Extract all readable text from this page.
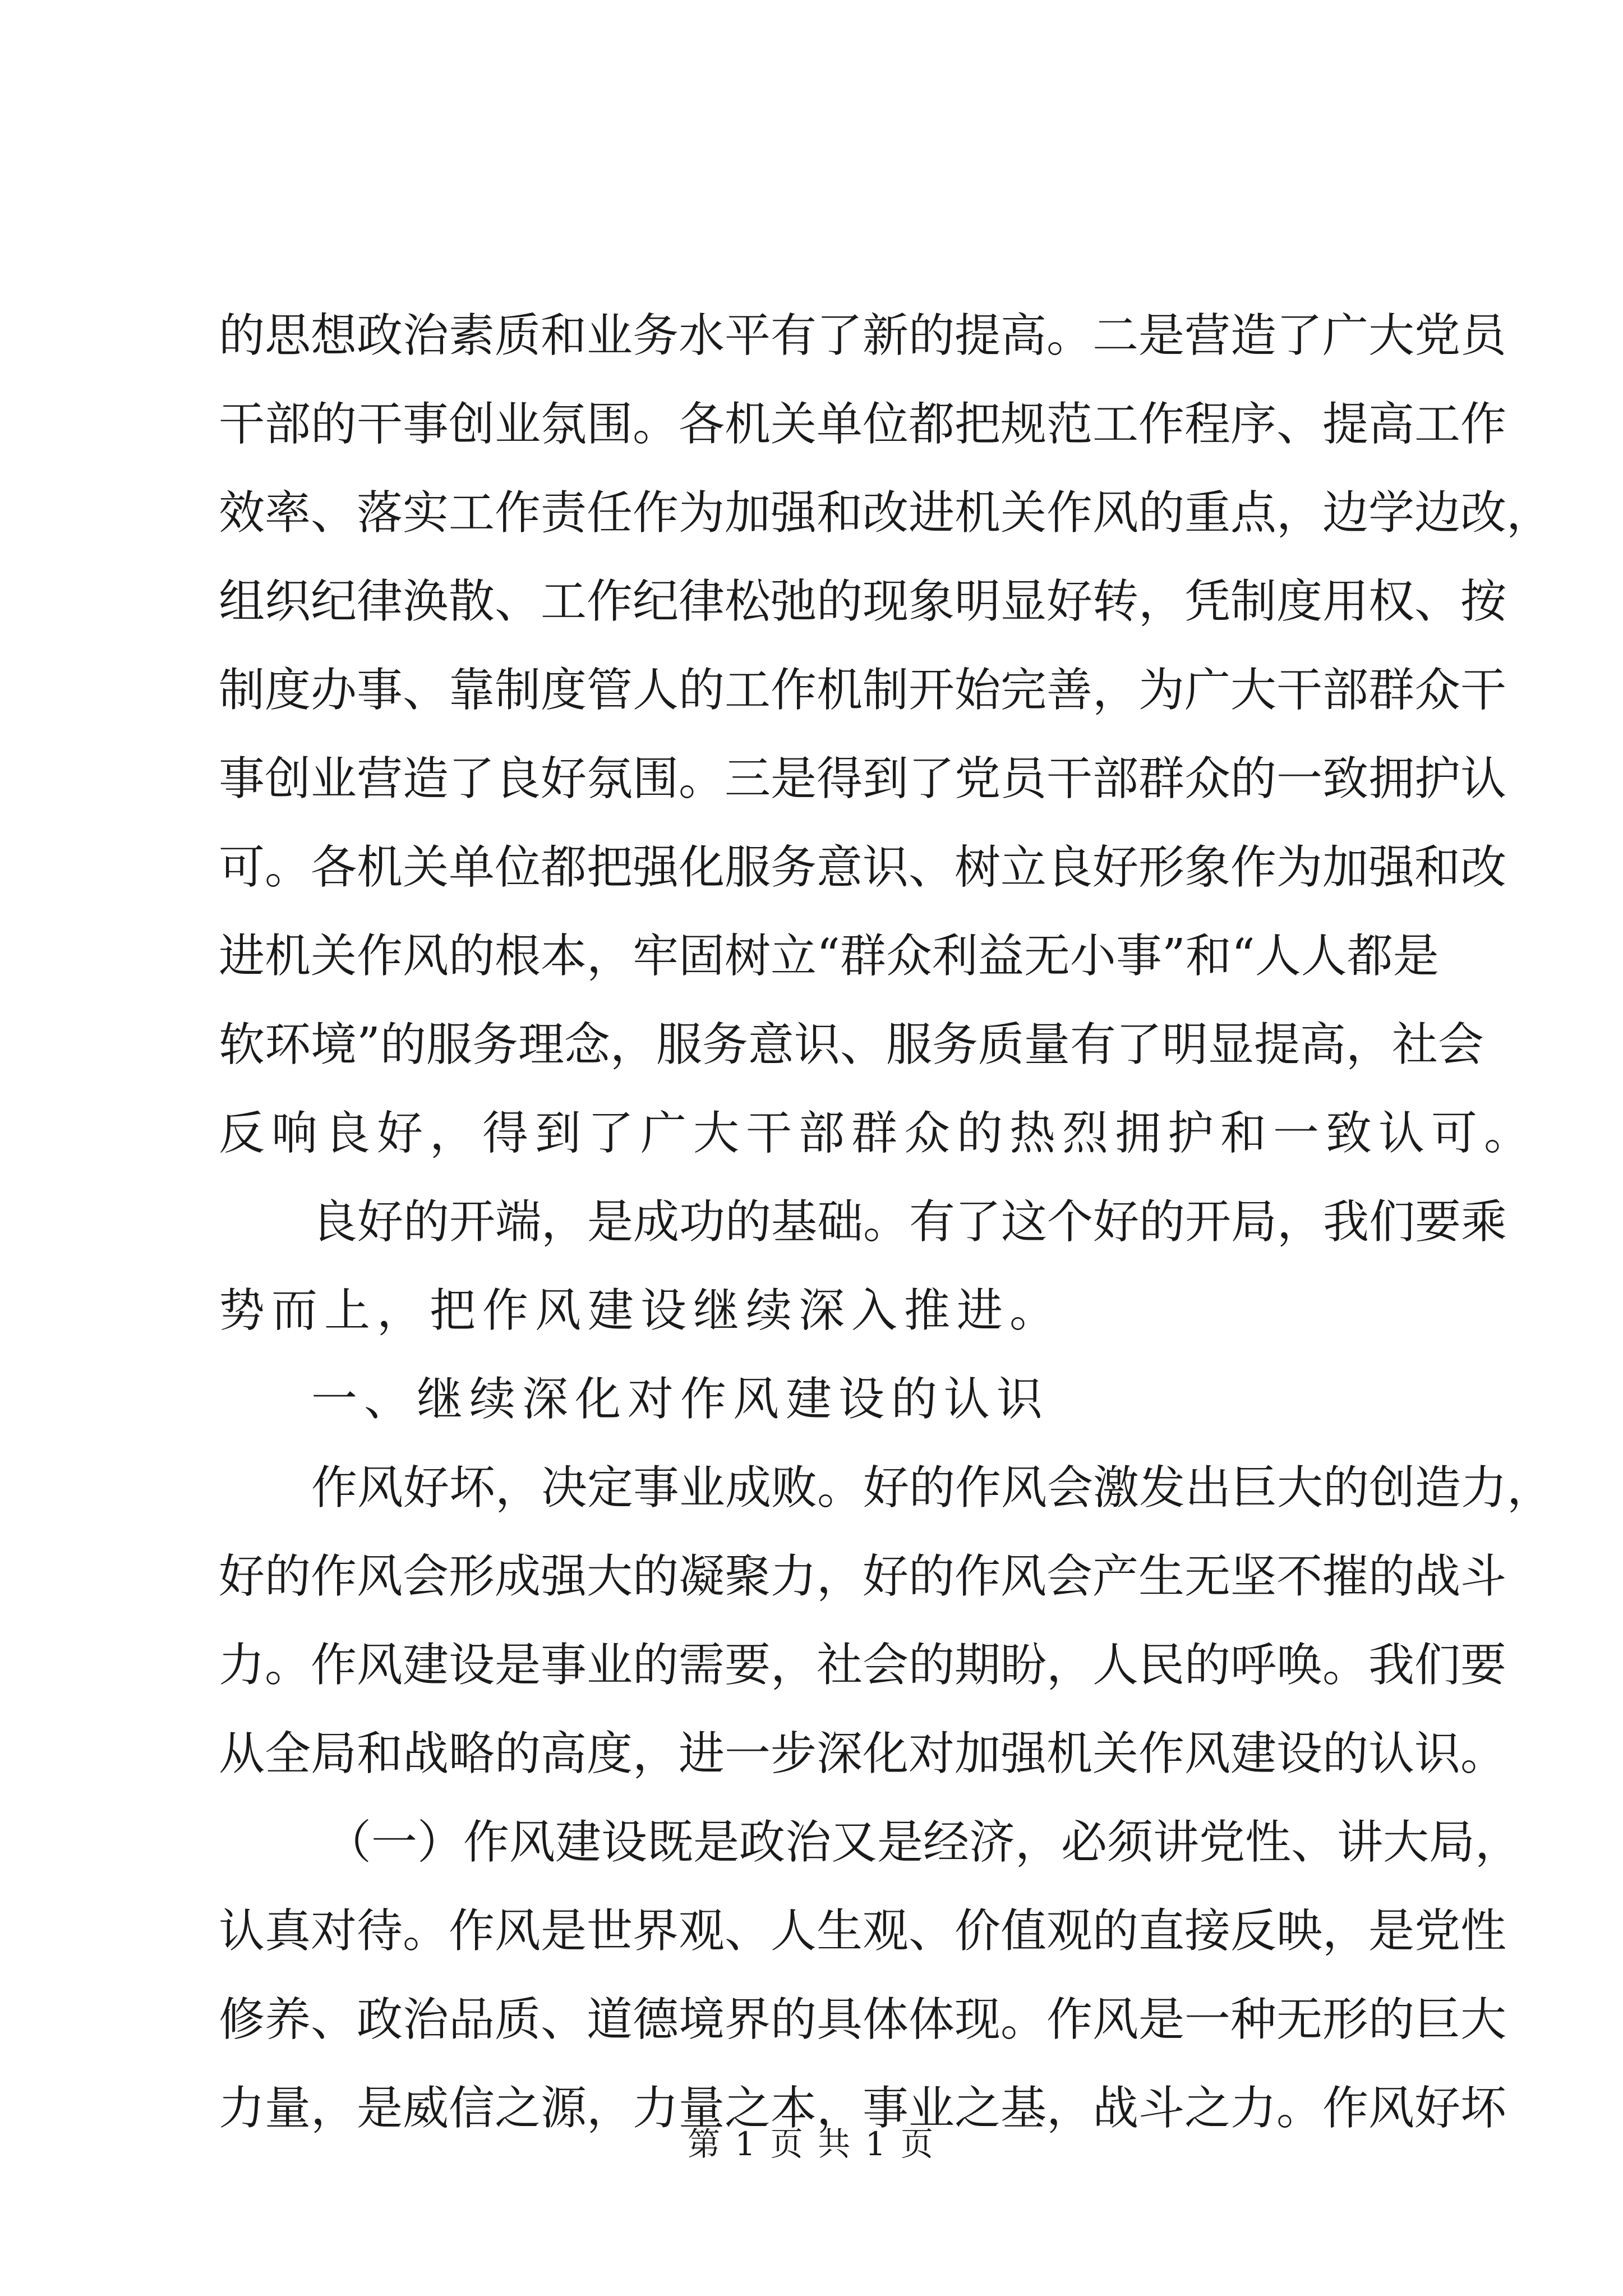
的思想政治素质和业务水平有了新的提高。二是营造了广大党员
干部的干事创业氛围。各机关单位都把规范工作程序、提高工作
效率、落实工作责任作为加强和改进机关作风的重点，边学边改，
组织纪律涣散、工作纪律松弛的现象明显好转，凭制度用权、按
制度办事、靠制度管人的工作机制开始完善，为广大干部群众干
事创业营造了良好氛围。三是得到了党员干部群众的一致拥护认
可。各机关单位都把强化服务意识、树立良好形象作为加强和改
进机关作风的根本，牢固树立“群众利益无小事”和“人人都是
软环境”的服务理念，服务意识、服务质量有了明显提高，社会
反响良好，得到了广大干部群众的热烈拥护和一致认可。
良好的开端，是成功的基础。有了这个好的开局，我们要乘
势而上，把作风建设继续深入推进。
一、继续深化对作风建设的认识
作风好坏，决定事业成败。好的作风会激发出巨大的创造力，
好的作风会形成强大的凝聚力，好的作风会产生无坚不摧的战斗
力。作风建设是事业的需要，社会的期盼，人民的呼唤。我们要
从全局和战略的高度，进一步深化对加强机关作风建设的认识。
（一）作风建设既是政治又是经济，必须讲党性、讲大局，
认真对待。作风是世界观、人生观、价值观的直接反映，是党性
修养、政治品质、道德境界的具体体现。作风是一种无形的巨大
力量，是威信之源，力量之本，事业之基，战斗之力。作风好坏
第 1 页 共 1 页
